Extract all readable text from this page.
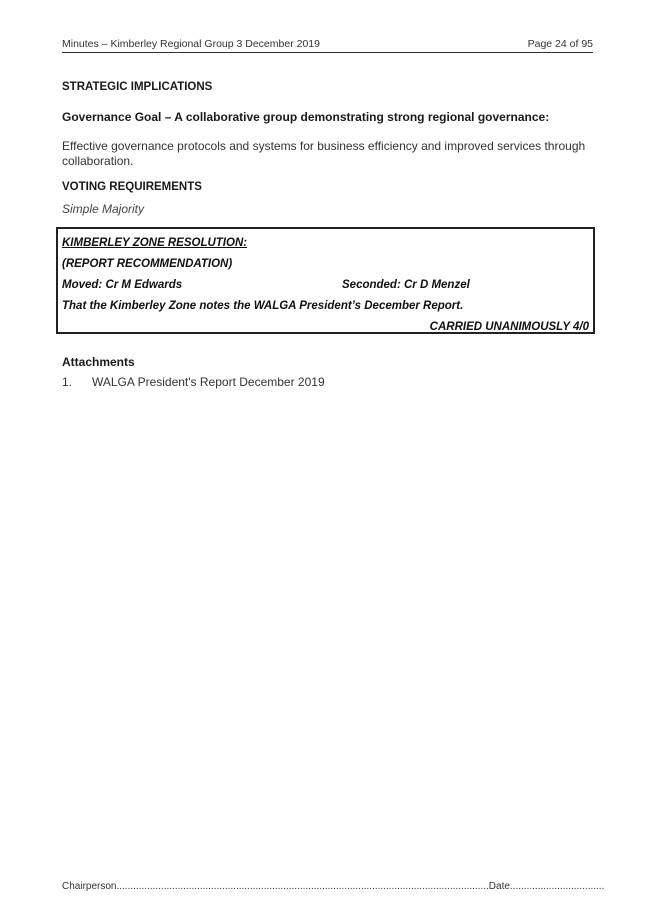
Minutes – Kimberley Regional Group 3 December 2019	Page 24 of 95
STRATEGIC IMPLICATIONS
Governance Goal – A collaborative group demonstrating strong regional governance:
Effective governance protocols and systems for business efficiency and improved services through collaboration.
VOTING REQUIREMENTS
Simple Majority
KIMBERLEY ZONE RESOLUTION:
(REPORT RECOMMENDATION)
Moved: Cr M Edwards	Seconded: Cr D Menzel
That the Kimberley Zone notes the WALGA President’s December Report.
CARRIED UNANIMOUSLY 4/0
Attachments
1. WALGA President's Report December 2019
Chairperson......................................................................................................................................Date..................................
